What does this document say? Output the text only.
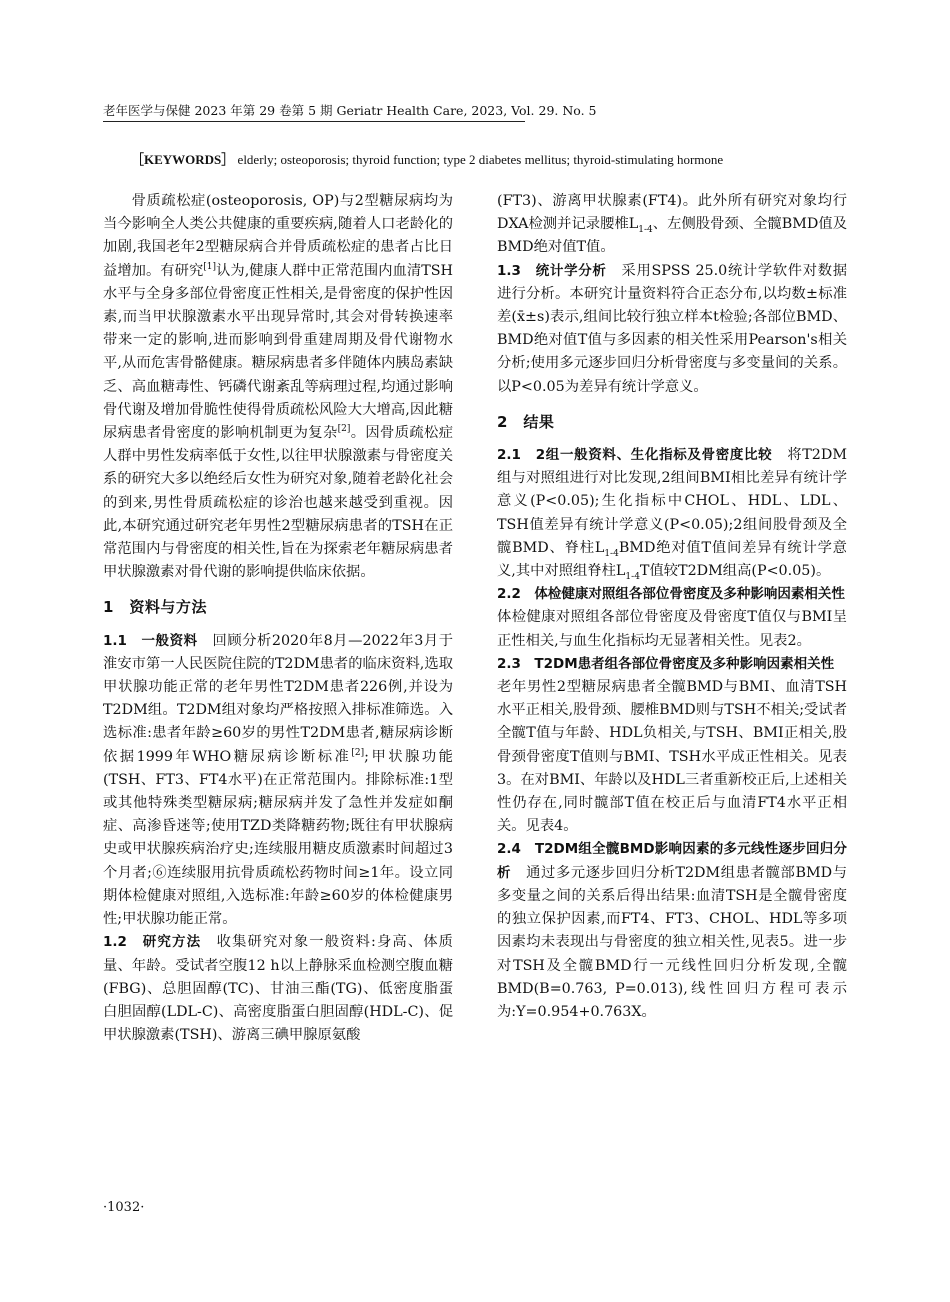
老年医学与保健 2023 年第 29 卷第 5 期 Geriatr Health Care, 2023, Vol. 29. No. 5
［KEYWORDS］ elderly; osteoporosis; thyroid function; type 2 diabetes mellitus; thyroid-stimulating hormone

骨质疏松症(osteoporosis, OP)与2型糖尿病均为当今影响全人类公共健康的重要疾病,随着人口老龄化的加剧,我国老年2型糖尿病合并骨质疏松症的患者占比日益增加。有研究[1]认为,健康人群中正常范围内血清TSH水平与全身多部位骨密度正性相关,是骨密度的保护性因素,而当甲状腺激素水平出现异常时,其会对骨转换速率带来一定的影响,进而影响到骨重建周期及骨代谢物水平,从而危害骨骼健康。糖尿病患者多伴随体内胰岛素缺乏、高血糖毒性、钙磷代谢紊乱等病理过程,均通过影响骨代谢及增加骨脆性使得骨质疏松风险大大增高,因此糖尿病患者骨密度的影响机制更为复杂[2]。因骨质疏松症人群中男性发病率低于女性,以往甲状腺激素与骨密度关系的研究大多以绝经后女性为研究对象,随着老龄化社会的到来,男性骨质疏松症的诊治也越来越受到重视。因此,本研究通过研究老年男性2型糖尿病患者的TSH在正常范围内与骨密度的相关性,旨在为探索老年糖尿病患者甲状腺激素对骨代谢的影响提供临床依据。

1　资料与方法

1.1　一般资料　回顾分析2020年8月—2022年3月于淮安市第一人民医院住院的T2DM患者的临床资料,选取甲状腺功能正常的老年男性T2DM患者226例,并设为T2DM组。T2DM组对象均严格按照入排标准筛选。入选标准:患者年龄≥60岁的男性T2DM患者,糖尿病诊断依据1999年WHO糖尿病诊断标准[2];甲状腺功能(TSH、FT3、FT4水平)在正常范围内。排除标准:1型或其他特殊类型糖尿病;糖尿病并发了急性并发症如酮症、高渗昏迷等;使用TZD类降糖药物;既往有甲状腺病史或甲状腺疾病治疗史;连续服用糖皮质激素时间超过3个月者;⑥连续服用抗骨质疏松药物时间≥1年。设立同期体检健康对照组,入选标准:年龄≥60岁的体检健康男性;甲状腺功能正常。

1.2　研究方法　收集研究对象一般资料:身高、体质量、年龄。受试者空腹12 h以上静脉采血检测空腹血糖(FBG)、总胆固醇(TC)、甘油三酯(TG)、低密度脂蛋白胆固醇(LDL-C)、高密度脂蛋白胆固醇(HDL-C)、促甲状腺激素(TSH)、游离三碘甲腺原氨酸

(FT3)、游离甲状腺素(FT4)。此外所有研究对象均行DXA检测并记录腰椎$L_{1-4}$、左侧股骨颈、全髋BMD值及BMD绝对值T值。

1.3　统计学分析　采用SPSS 25.0统计学软件对数据进行分析。本研究计量资料符合正态分布,以均数±标准差(x̄±s)表示,组间比较行独立样本t检验;各部位BMD、BMD绝对值T值与多因素的相关性采用Pearson's相关分析;使用多元逐步回归分析骨密度与多变量间的关系。以P<0.05为差异有统计学意义。

2　结果

2.1　2组一般资料、生化指标及骨密度比较　将T2DM组与对照组进行对比发现,2组间BMI相比差异有统计学意义(P<0.05);生化指标中CHOL、HDL、LDL、TSH值差异有统计学意义(P<0.05);2组间股骨颈及全髋BMD、脊柱$L_{1-4}BMD$绝对值T值间差异有统计学意义,其中对照组脊柱$L_{1-4}T$值较T2DM组高(P<0.05)。

2.2　体检健康对照组各部位骨密度及多种影响因素相关性　体检健康对照组各部位骨密度及骨密度T值仅与BMI呈正性相关,与血生化指标均无显著相关性。见表2。

2.3　T2DM患者组各部位骨密度及多种影响因素相关性　老年男性2型糖尿病患者全髋BMD与BMI、血清TSH水平正相关,股骨颈、腰椎BMD则与TSH不相关;受试者全髋T值与年龄、HDL负相关,与TSH、BMI正相关,股骨颈骨密度T值则与BMI、TSH水平成正性相关。见表3。在对BMI、年龄以及HDL三者重新校正后,上述相关性仍存在,同时髋部T值在校正后与血清FT4水平正相关。见表4。

2.4　T2DM组全髋BMD影响因素的多元线性逐步回归分析　通过多元逐步回归分析T2DM组患者髋部BMD与多变量之间的关系后得出结果:血清TSH是全髋骨密度的独立保护因素,而FT4、FT3、CHOL、HDL等多项因素均未表现出与骨密度的独立相关性,见表5。进一步对TSH及全髋BMD行一元线性回归分析发现,全髋BMD(B=0.763, P=0.013),线性回归方程可表示为:Y=0.954+0.763X。

·1032·
